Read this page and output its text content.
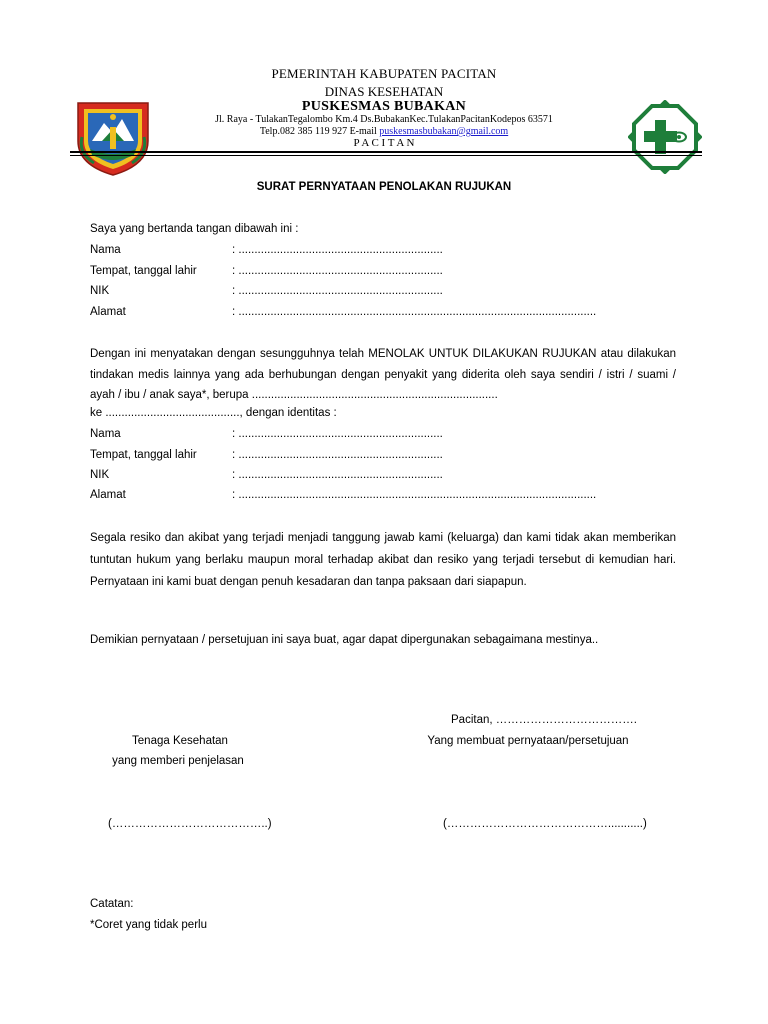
PEMERINTAH KABUPATEN PACITAN
DINAS KESEHATAN
PUSKESMAS BUBAKAN
Jl. Raya - TulakanTegalombo Km.4 Ds.BubakanKec.TulakanPacitanKodepos 63571
Telp.082 385 119 927 E-mail puskesmasbubakan@gmail.com
P A C I T A N
SURAT PERNYATAAN PENOLAKAN RUJUKAN
Saya yang bertanda tangan dibawah ini :
Nama	: ................................................................
Tempat, tanggal lahir	: ................................................................
NIK	: ................................................................
Alamat	: ................................................................................................................
Dengan ini menyatakan dengan sesungguhnya telah MENOLAK UNTUK DILAKUKAN RUJUKAN atau dilakukan tindakan medis lainnya yang ada berhubungan dengan penyakit yang diderita oleh saya sendiri / istri / suami / ayah / ibu / anak saya*, berupa .............................................................................
ke .........................................., dengan identitas :
Nama	: ................................................................
Tempat, tanggal lahir	: ................................................................
NIK	: ................................................................
Alamat	: ................................................................................................................
Segala resiko dan akibat yang terjadi menjadi tanggung jawab kami (keluarga) dan kami tidak akan memberikan tuntutan hukum yang berlaku maupun moral terhadap akibat dan resiko yang terjadi tersebut di kemudian hari. Pernyataan ini kami buat dengan penuh kesadaran dan tanpa paksaan dari siapapun.
Demikian pernyataan / persetujuan ini saya buat, agar dapat dipergunakan sebagaimana mestinya..
Pacitan, ……………………………….
Tenaga Kesehatan
yang memberi penjelasan
Yang membuat pernyataan/persetujuan
(…………………………………..)	(……………………………………...........)
Catatan:
*Coret yang tidak perlu
